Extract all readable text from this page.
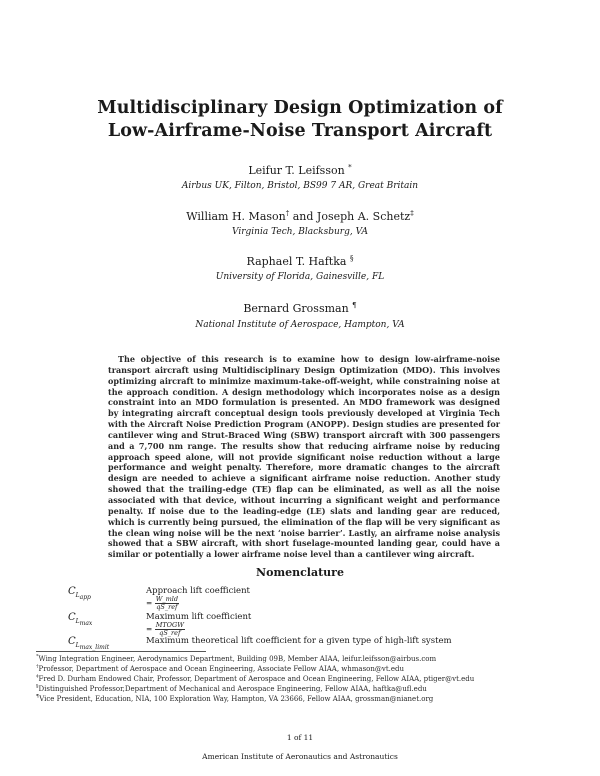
Multidisciplinary Design Optimization of
Low-Airframe-Noise Transport Aircraft
Leifur T. Leifsson *
Airbus UK, Filton, Bristol, BS99 7 AR, Great Britain
William H. Mason† and Joseph A. Schetz‡
Virginia Tech, Blacksburg, VA
Raphael T. Haftka §
University of Florida, Gainesville, FL
Bernard Grossman ¶
National Institute of Aerospace, Hampton, VA
The objective of this research is to examine how to design low-airframe-noise transport aircraft using Multidisciplinary Design Optimization (MDO). This involves optimizing aircraft to minimize maximum-take-off-weight, while constraining noise at the approach condition. A design methodology which incorporates noise as a design constraint into an MDO formulation is presented. An MDO framework was designed by integrating aircraft conceptual design tools previously developed at Virginia Tech with the Aircraft Noise Prediction Program (ANOPP). Design studies are presented for cantilever wing and Strut-Braced Wing (SBW) transport aircraft with 300 passengers and a 7,700 nm range. The results show that reducing airframe noise by reducing approach speed alone, will not provide significant noise reduction without a large performance and weight penalty. Therefore, more dramatic changes to the aircraft design are needed to achieve a significant airframe noise reduction. Another study showed that the trailing-edge (TE) flap can be eliminated, as well as all the noise associated with that device, without incurring a significant weight and performance penalty. If noise due to the leading-edge (LE) slats and landing gear are reduced, which is currently being pursued, the elimination of the flap will be very significant as the clean wing noise will be the next ‘noise barrier’. Lastly, an airframe noise analysis showed that a SBW aircraft, with short fuselage-mounted landing gear, could have a similar or potentially a lower airframe noise level than a cantilever wing aircraft.
Nomenclature
$C_{L_{app}}$
Approach lift coefficient
= $\frac{\text{W\_mld}}{\text{qS\_ref}}$
$C_{L_{max}}$
Maximum lift coefficient
= $\frac{\text{MTOGW}}{\text{qS\_ref}}$
$C_{L_{max\_limit}}$
Maximum theoretical lift coefficient for a given type of high-lift system
*Wing Integration Engineer, Aerodynamics Department, Building 09B, Member AIAA, leifur.leifsson@airbus.com
†Professor, Department of Aerospace and Ocean Engineering, Associate Fellow AIAA, whmason@vt.edu
‡Fred D. Durham Endowed Chair, Professor, Department of Aerospace and Ocean Engineering, Fellow AIAA, ptiger@vt.edu
§Distinguished Professor,Department of Mechanical and Aerospace Engineering, Fellow AIAA, haftka@ufl.edu
¶Vice President, Education, NIA, 100 Exploration Way, Hampton, VA 23666, Fellow AIAA, grossman@nianet.org
1 of 11
American Institute of Aeronautics and Astronautics
